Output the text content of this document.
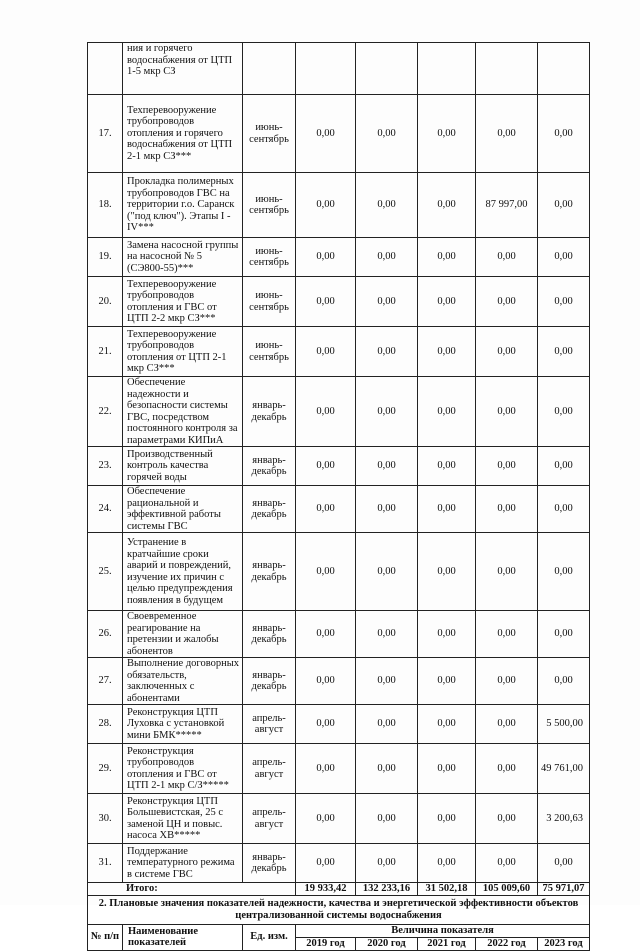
	ния и горячего водоснабжения от ЦТП 1-5 мкр СЗ						
17.	Техперевооружение трубопроводов отопления и горячего водоснабжения от ЦТП 2-1 мкр СЗ***	июнь-сентябрь	0,00	0,00	0,00	0,00	0,00
18.	Прокладка полимерных трубопроводов ГВС на территории г.о. Саранск ("под ключ"). Этапы I - IV***	июнь-сентябрь	0,00	0,00	0,00	87 997,00	0,00
19.	Замена насосной группы на насосной № 5 (СЭ800-55)***	июнь-сентябрь	0,00	0,00	0,00	0,00	0,00
20.	Техперевооружение трубопроводов отопления и ГВС от ЦТП 2-2 мкр СЗ***	июнь-сентябрь	0,00	0,00	0,00	0,00	0,00
21.	Техперевооружение трубопроводов отопления от ЦТП 2-1 мкр СЗ***	июнь-сентябрь	0,00	0,00	0,00	0,00	0,00
22.	Обеспечение надежности и безопасности системы ГВС, посредством постоянного контроля за параметрами КИПиА	январь-декабрь	0,00	0,00	0,00	0,00	0,00
23.	Производственный контроль качества горячей воды	январь-декабрь	0,00	0,00	0,00	0,00	0,00
24.	Обеспечение рациональной и эффективной работы системы ГВС	январь-декабрь	0,00	0,00	0,00	0,00	0,00
25.	Устранение в кратчайшие сроки аварий и повреждений, изучение их причин с целью предупреждения появления в будущем	январь-декабрь	0,00	0,00	0,00	0,00	0,00
26.	Своевременное реагирование на претензии и жалобы абонентов	январь-декабрь	0,00	0,00	0,00	0,00	0,00
27.	Выполнение договорных обязательств, заключенных с абонентами	январь-декабрь	0,00	0,00	0,00	0,00	0,00
28.	Реконструкция ЦТП Луховка с установкой мини БМК*****	апрель-август	0,00	0,00	0,00	0,00	5 500,00
29.	Реконструкция трубопроводов отопления и ГВС от ЦТП 2-1 мкр С/З*****	апрель-август	0,00	0,00	0,00	0,00	49 761,00
30.	Реконструкция ЦТП Большевистская, 25 с заменой ЦН и повыс. насоса ХВ*****	апрель-август	0,00	0,00	0,00	0,00	3 200,63
31.	Поддержание температурного режима в системе ГВС	январь-декабрь	0,00	0,00	0,00	0,00	0,00
Итого:			19 933,42	132 233,16	31 502,18	105 009,60	75 971,07
2. Плановые значения показателей надежности, качества и энергетической эффективности объектов централизованной системы водоснабжения							
№ п/п	Наименование показателей	Ед. изм.	Величина показателя				
			2019 год	2020 год	2021 год	2022 год	2023 год
